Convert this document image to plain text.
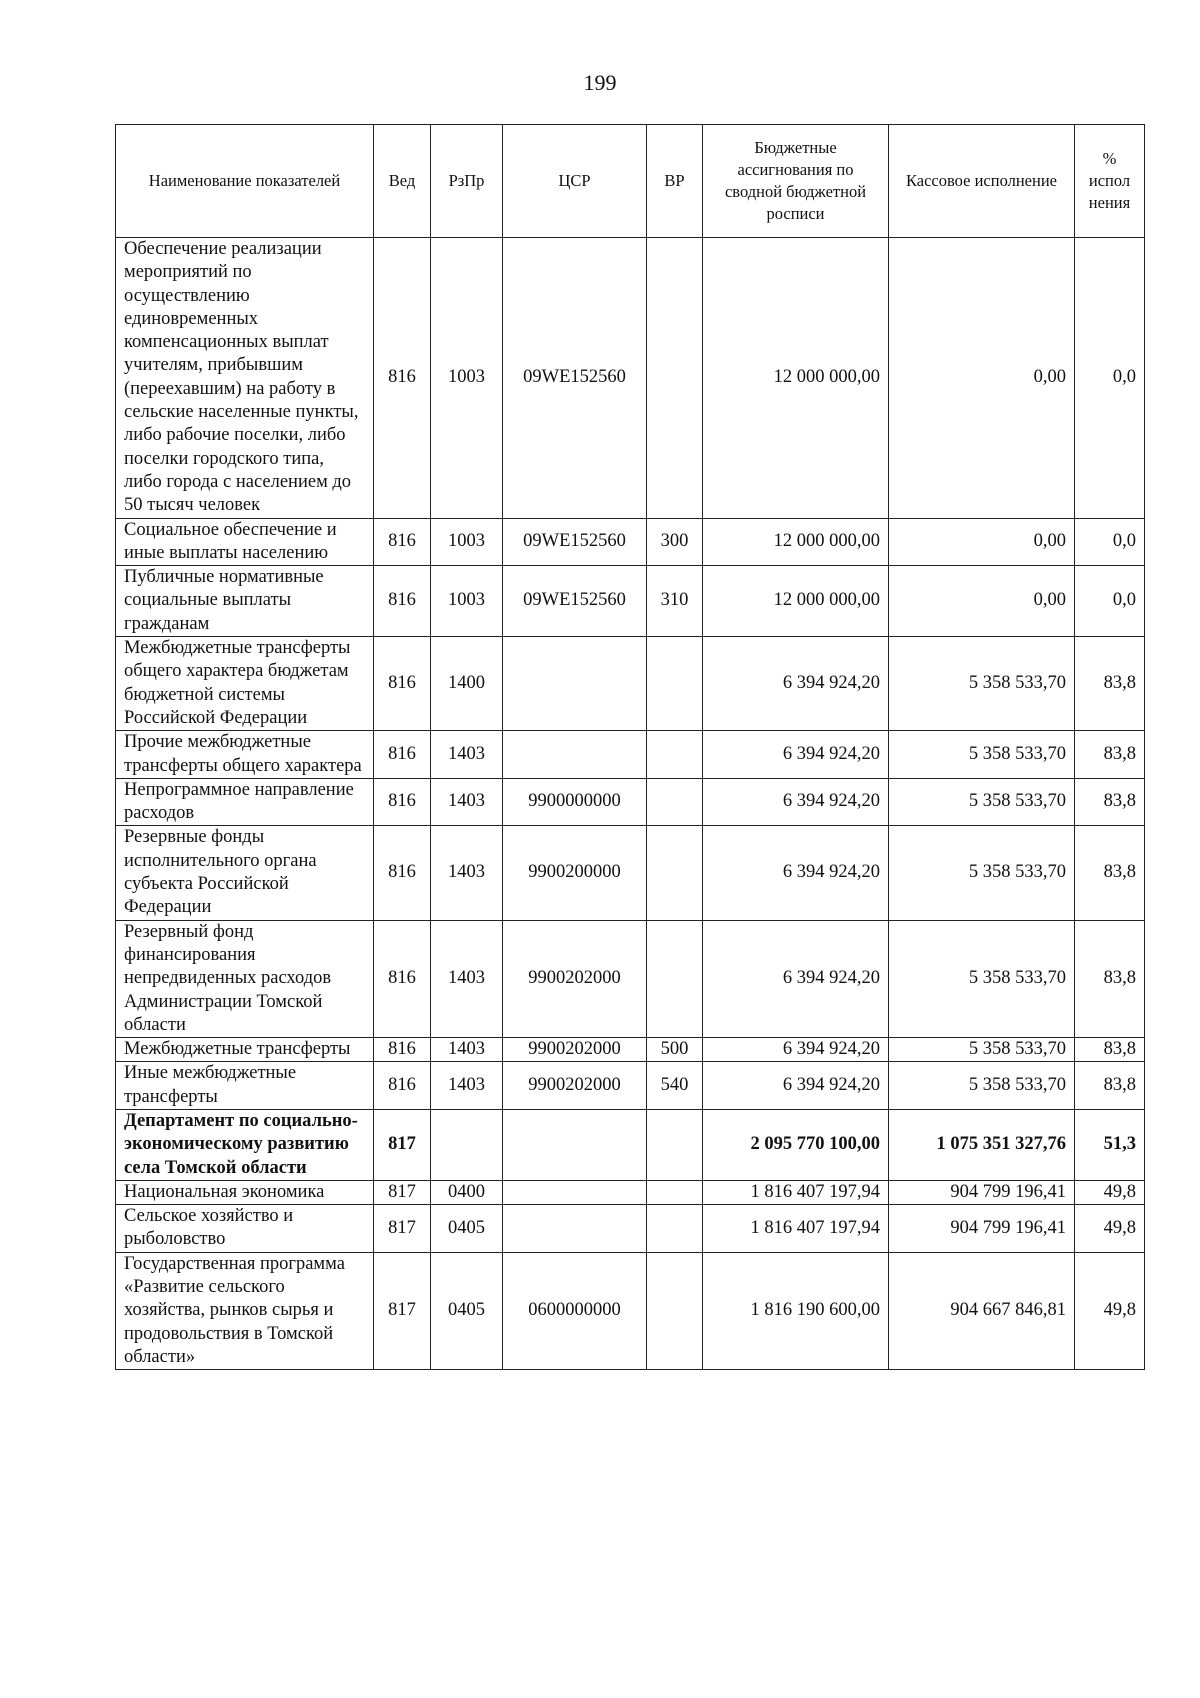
199
Наименование показателей	Вед	РзПр	ЦСР	ВР	Бюджетные ассигнования по сводной бюджетной росписи	Кассовое исполнение	% испол нения
Обеспечение реализации мероприятий по осуществлению единовременных компенсационных выплат учителям, прибывшим (переехавшим) на работу в сельские населенные пункты, либо рабочие поселки, либо поселки городского типа, либо города с населением до 50 тысяч человек	816	1003	09WE152560		12 000 000,00	0,00	0,0
Социальное обеспечение и иные выплаты населению	816	1003	09WE152560	300	12 000 000,00	0,00	0,0
Публичные нормативные социальные выплаты гражданам	816	1003	09WE152560	310	12 000 000,00	0,00	0,0
Межбюджетные трансферты общего характера бюджетам бюджетной системы Российской Федерации	816	1400			6 394 924,20	5 358 533,70	83,8
Прочие межбюджетные трансферты общего характера	816	1403			6 394 924,20	5 358 533,70	83,8
Непрограммное направление расходов	816	1403	9900000000		6 394 924,20	5 358 533,70	83,8
Резервные фонды исполнительного органа субъекта Российской Федерации	816	1403	9900200000		6 394 924,20	5 358 533,70	83,8
Резервный фонд финансирования непредвиденных расходов Администрации Томской области	816	1403	9900202000		6 394 924,20	5 358 533,70	83,8
Межбюджетные трансферты	816	1403	9900202000	500	6 394 924,20	5 358 533,70	83,8
Иные межбюджетные трансферты	816	1403	9900202000	540	6 394 924,20	5 358 533,70	83,8
Департамент по социально-экономическому развитию села Томской области	817				2 095 770 100,00	1 075 351 327,76	51,3
Национальная экономика	817	0400			1 816 407 197,94	904 799 196,41	49,8
Сельское хозяйство и рыболовство	817	0405			1 816 407 197,94	904 799 196,41	49,8
Государственная программа «Развитие сельского хозяйства, рынков сырья и продовольствия в Томской области»	817	0405	0600000000		1 816 190 600,00	904 667 846,81	49,8
